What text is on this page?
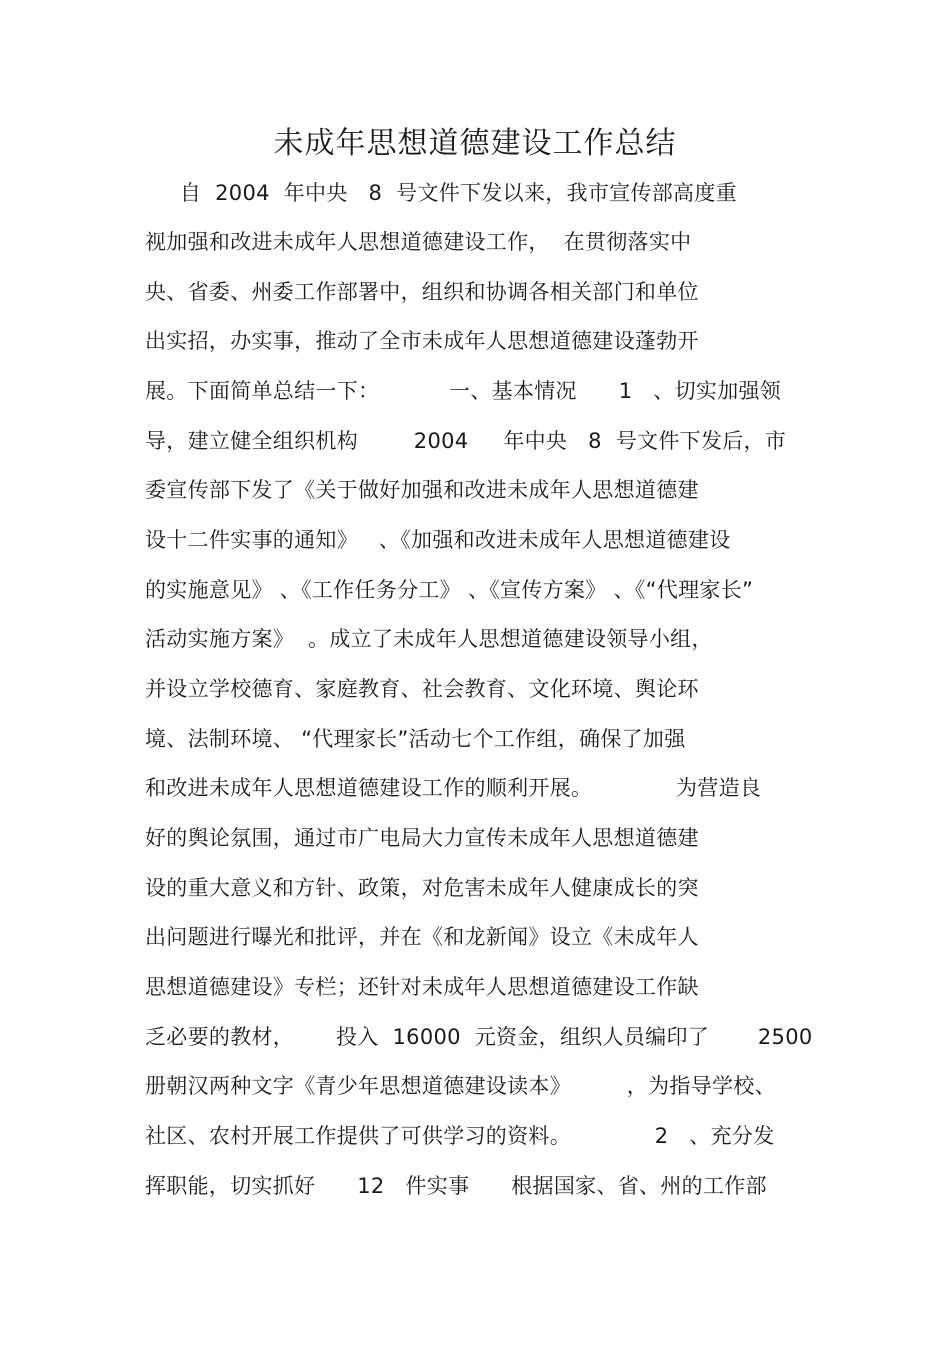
未成年思想道德建设工作总结
自  2004  年中央   8  号文件下发以来，我市宣传部高度重
视加强和改进未成年人思想道德建设工作，  在贯彻落实中
央、省委、州委工作部署中，组织和协调各相关部门和单位
出实招，办实事，推动了全市未成年人思想道德建设蓬勃开
展。下面简单总结一下：          一、基本情况      1   、切实加强领
导，建立健全组织机构        2004     年中央   8  号文件下发后，市
委宣传部下发了《关于做好加强和改进未成年人思想道德建
设十二件实事的通知》   、《加强和改进未成年人思想道德建设
的实施意见》 、《工作任务分工》 、《宣传方案》 、《“代理家长”
活动实施方案》  。成立了未成年人思想道德建设领导小组，
并设立学校德育、家庭教育、社会教育、文化环境、舆论环
境、法制环境、 “代理家长”活动七个工作组，确保了加强
和改进未成年人思想道德建设工作的顺利开展。            为营造良
好的舆论氛围，通过市广电局大力宣传未成年人思想道德建
设的重大意义和方针、政策，对危害未成年人健康成长的突
出问题进行曝光和批评，并在《和龙新闻》设立《未成年人
思想道德建设》专栏；还针对未成年人思想道德建设工作缺
乏必要的教材，      投入  16000  元资金，组织人员编印了       2500
册朝汉两种文字《青少年思想道德建设读本》        ，为指导学校、
社区、农村开展工作提供了可供学习的资料。            2   、充分发
挥职能，切实抓好      12   件实事      根据国家、省、州的工作部
